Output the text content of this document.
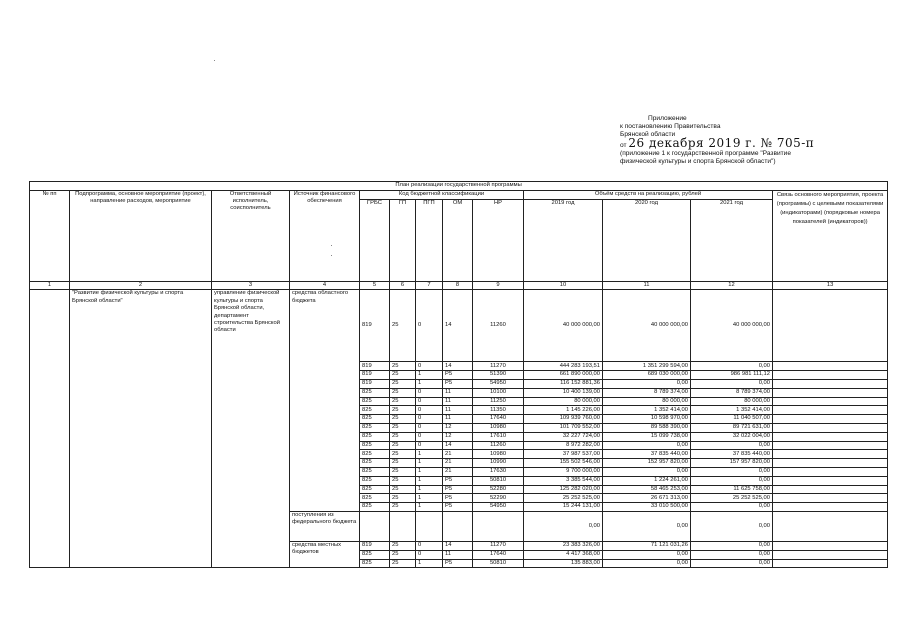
Приложение
к постановлению Правительства
Брянской области
от 26 декабря 2019 г. № 705-п
(приложение 1 к государственной программе "Развитие
физической культуры и спорта Брянской области")
План реализации государственной программы												
№ пп	Подпрограмма, основное мероприятие (проект), направление расходов, мероприятие	Ответственный исполнитель, соисполнитель	Источник финансового обеспечения	Код бюджетной классификации					Объём средств на реализацию, рублей			Связь основного мероприятия, проекта (программы) с целевыми показателями (индикаторами) (порядковые номера показателей (индикаторов))
				ГРБС	ГП	ПГП	ОМ	НР	2019 год	2020 год	2021 год	
1	2	3	4	5	6	7	8	9	10	11	12	13
	"Развитие физической культуры и спорта Брянской области"	управление физической культуры и спорта Брянской области, департамент строительства Брянской области	средства областного бюджета	819	25	0	14	11260	40 000 000,00	40 000 000,00	40 000 000,00	
				819	25	0	14	11270	444 283 193,51	1 351 299 594,00	0,00	
				819	25	1	P5	51390	661 890 000,00	689 030 000,00	986 981 111,12	
				819	25	1	P5	54950	116 152 881,36	0,00	0,00	
				825	25	0	11	10100	10 400 139,00	8 789 374,00	8 789 374,00	
				825	25	0	11	11250	80 000,00	80 000,00	80 000,00	
				825	25	0	11	11350	1 145 226,00	1 352 414,00	1 352 414,00	
				825	25	0	11	17640	109 939 760,00	10 598 970,00	11 040 507,00	
				825	25	0	12	10980	101 709 552,00	89 588 390,00	89 721 631,00	
				825	25	0	12	17610	32 227 724,00	15 099 738,00	32 022 004,00	
				825	25	0	14	11260	8 972 282,00	0,00	0,00	
				825	25	1	21	10980	37 987 537,00	37 835 440,00	37 835 440,00	
				825	25	1	21	10990	155 502 546,00	152 957 820,00	157 957 820,00	
				825	25	1	21	17630	9 700 000,00	0,00	0,00	
				825	25	1	P5	50810	3 385 544,00	1 224 261,00	0,00	
				825	25	1	P5	52280	125 282 020,00	58 465 253,00	11 625 758,00	
				825	25	1	P5	52290	25 252 525,00	26 671 313,00	25 252 525,00	
				825	25	1	P5	54950	15 244 131,00	33 010 500,00	0,00	
			поступления из федерального бюджета						0,00	0,00	0,00	
			средства местных бюджетов	819	25	0	14	11270	23 383 326,00	71 121 031,26	0,00	
				825	25	0	11	17640	4 417 368,00	0,00	0,00	
				825	25	1	P5	50810	135 883,00	0,00	0,00	
